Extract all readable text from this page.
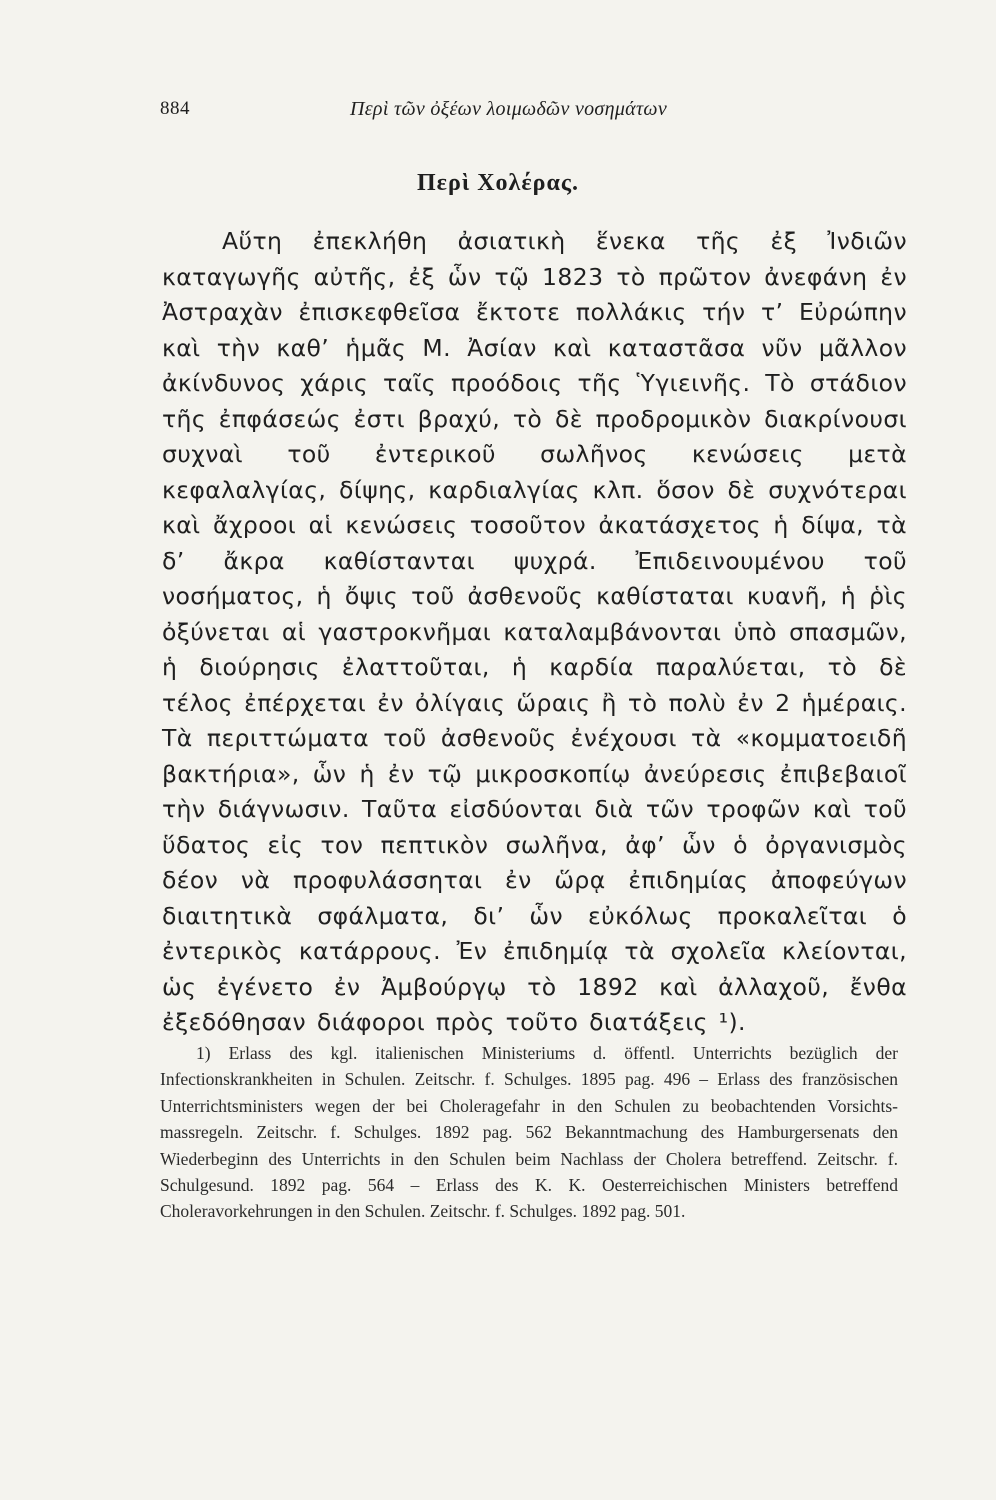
884	Περὶ τῶν ὀξέων λοιμωδῶν νοσημάτων
Περὶ Χολέρας.

Αὕτη ἐπεκλήθη ἀσιατικὴ ἕνεκα τῆς ἐξ Ἰνδιῶν καταγωγῆς αὐτῆς, ἐξ ὧν τῷ 1823 τὸ πρῶτον ἀνεφάνη ἐν Ἀστραχὰν ἐπισκεφθεῖσα ἔκτοτε πολλάκις τήν τ’ Εὐρώπην καὶ τὴν καθ’ ἡμᾶς Μ. Ἀσίαν καὶ καταστᾶσα νῦν μᾶλλον ἀκίνδυνος χάρις ταῖς προόδοις τῆς Ὑγιεινῆς. Τὸ στάδιον τῆς ἐπφάσεώς ἐστι βραχύ, τὸ δὲ προδρομικὸν διακρίνουσι συχναὶ τοῦ ἐντερικοῦ σωλῆνος κενώσεις μετὰ κεφαλαλγίας, δίψης, καρδιαλγίας κλπ. ὅσον δὲ συχνότεραι καὶ ἄχροοι αἱ κενώσεις τοσοῦτον ἀκατάσχετος ἡ δίψα, τὰ δ’ ἄκρα καθίστανται ψυχρά. Ἐπιδεινουμένου τοῦ νοσήματος, ἡ ὄψις τοῦ ἀσθενοῦς καθίσταται κυανῆ, ἡ ῥὶς ὀξύνεται αἱ γαστροκνῆμαι καταλαμβάνονται ὑπὸ σπασμῶν, ἡ διούρησις ἐλαττοῦται, ἡ καρδία παραλύεται, τὸ δὲ τέλος ἐπέρχεται ἐν ὀλίγαις ὥραις ἢ τὸ πολὺ ἐν 2 ἡμέραις. Τὰ περιττώματα τοῦ ἀσθενοῦς ἐνέχουσι τὰ «κομματοειδῆ βακτήρια», ὧν ἡ ἐν τῷ μικροσκοπίῳ ἀνεύρεσις ἐπιβεβαιοῖ τὴν διάγνωσιν. Ταῦτα εἰσδύονται διὰ τῶν τροφῶν καὶ τοῦ ὕδατος εἰς τον πεπτικὸν σωλῆνα, ἀφ’ ὧν ὁ ὀργανισμὸς δέον νὰ προφυλάσσηται ἐν ὥρᾳ ἐπιδημίας ἀποφεύγων διαιτητικὰ σφάλματα, δι’ ὧν εὐκόλως προκαλεῖται ὁ ἐντερικὸς κατάρρους. Ἐν ἐπιδημίᾳ τὰ σχολεῖα κλείονται, ὡς ἐγένετο ἐν Ἀμβούργῳ τὸ 1892 καὶ ἀλλαχοῦ, ἔνθα ἐξεδόθησαν διάφοροι πρὸς τοῦτο διατάξεις ¹).

1) Erlass des kgl. italienischen Ministeriums d. öffentl. Unterrichts bezüglich der Infectionskrankheiten in Schulen. Zeitschr. f. Schulges. 1895 pag. 496 – Erlass des französischen Unterrichtsministers wegen der bei Choleragefahr in den Schulen zu beobachtenden Vorsichts-massregeln. Zeitschr. f. Schulges. 1892 pag. 562 Bekanntmachung des Hamburgersenats den Wiederbeginn des Unterrichts in den Schulen beim Nachlass der Cholera betreffend. Zeitschr. f. Schulgesund. 1892 pag. 564 – Erlass des K. K. Oesterreichischen Ministers betreffend Choleravorkehrungen in den Schulen. Zeitschr. f. Schulges. 1892 pag. 501.
